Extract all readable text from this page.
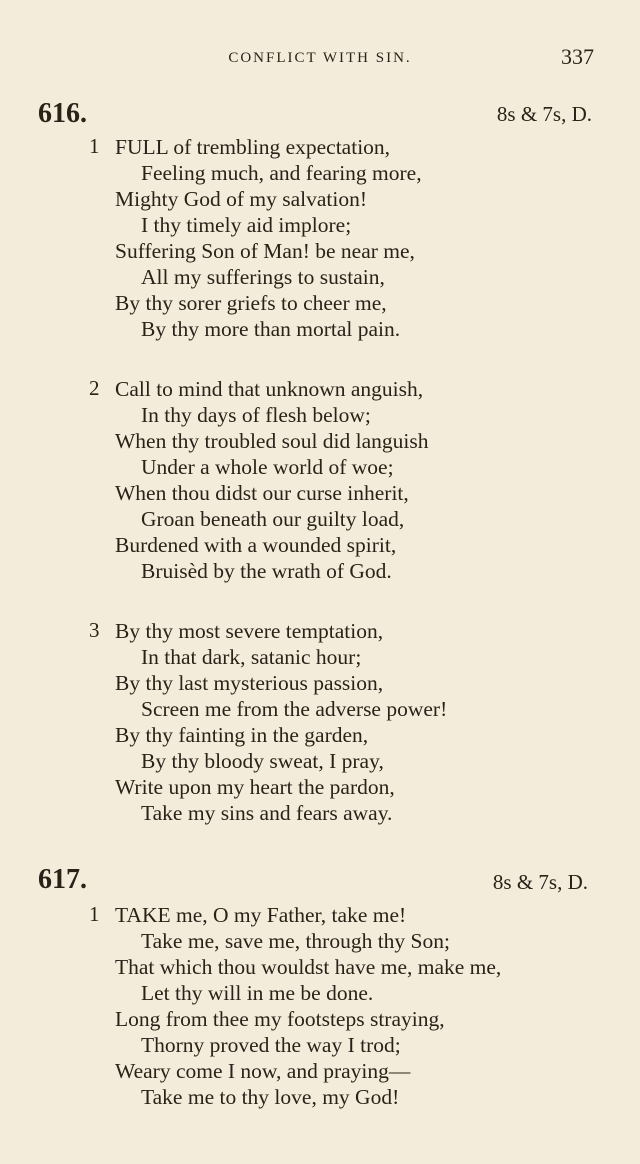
CONFLICT WITH SIN.	337
616.	8s & 7s, D.
1 FULL of trembling expectation,
Feeling much, and fearing more,
Mighty God of my salvation!
I thy timely aid implore;
Suffering Son of Man! be near me,
All my sufferings to sustain,
By thy sorer griefs to cheer me,
By thy more than mortal pain.
2 Call to mind that unknown anguish,
In thy days of flesh below;
When thy troubled soul did languish
Under a whole world of woe;
When thou didst our curse inherit,
Groan beneath our guilty load,
Burdened with a wounded spirit,
Bruisèd by the wrath of God.
3 By thy most severe temptation,
In that dark, satanic hour;
By thy last mysterious passion,
Screen me from the adverse power!
By thy fainting in the garden,
By thy bloody sweat, I pray,
Write upon my heart the pardon,
Take my sins and fears away.
617.	8s & 7s, D.
1 TAKE me, O my Father, take me!
Take me, save me, through thy Son;
That which thou wouldst have me, make me,
Let thy will in me be done.
Long from thee my footsteps straying,
Thorny proved the way I trod;
Weary come I now, and praying—
Take me to thy love, my God!
